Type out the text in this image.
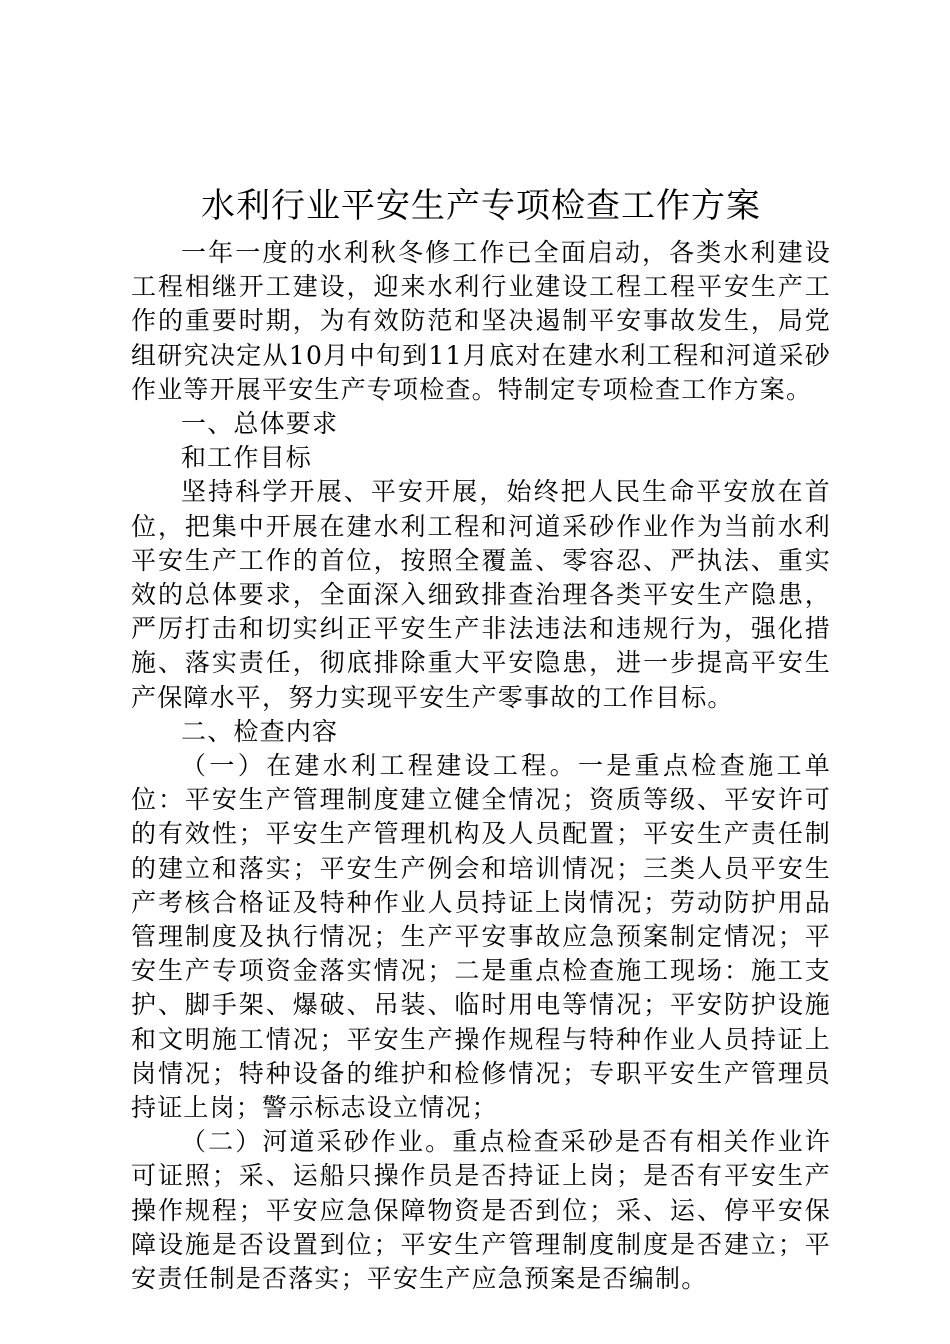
水利行业平安生产专项检查工作方案

一年一度的水利秋冬修工作已全面启动，各类水利建设工程相继开工建设，迎来水利行业建设工程工程平安生产工作的重要时期，为有效防范和坚决遏制平安事故发生，局党组研究决定从10月中旬到11月底对在建水利工程和河道采砂作业等开展平安生产专项检查。特制定专项检查工作方案。

一、总体要求

和工作目标

坚持科学开展、平安开展，始终把人民生命平安放在首位，把集中开展在建水利工程和河道采砂作业作为当前水利平安生产工作的首位，按照全覆盖、零容忍、严执法、重实效的总体要求，全面深入细致排查治理各类平安生产隐患，严厉打击和切实纠正平安生产非法违法和违规行为，强化措施、落实责任，彻底排除重大平安隐患，进一步提高平安生产保障水平，努力实现平安生产零事故的工作目标。

二、检查内容

（一）在建水利工程建设工程。一是重点检查施工单位：平安生产管理制度建立健全情况；资质等级、平安许可的有效性；平安生产管理机构及人员配置；平安生产责任制的建立和落实；平安生产例会和培训情况；三类人员平安生产考核合格证及特种作业人员持证上岗情况；劳动防护用品管理制度及执行情况；生产平安事故应急预案制定情况；平安生产专项资金落实情况；二是重点检查施工现场：施工支护、脚手架、爆破、吊装、临时用电等情况；平安防护设施和文明施工情况；平安生产操作规程与特种作业人员持证上岗情况；特种设备的维护和检修情况；专职平安生产管理员持证上岗；警示标志设立情况；

（二）河道采砂作业。重点检查采砂是否有相关作业许可证照；采、运船只操作员是否持证上岗；是否有平安生产操作规程；平安应急保障物资是否到位；采、运、停平安保障设施是否设置到位；平安生产管理制度制度是否建立；平安责任制是否落实；平安生产应急预案是否编制。
